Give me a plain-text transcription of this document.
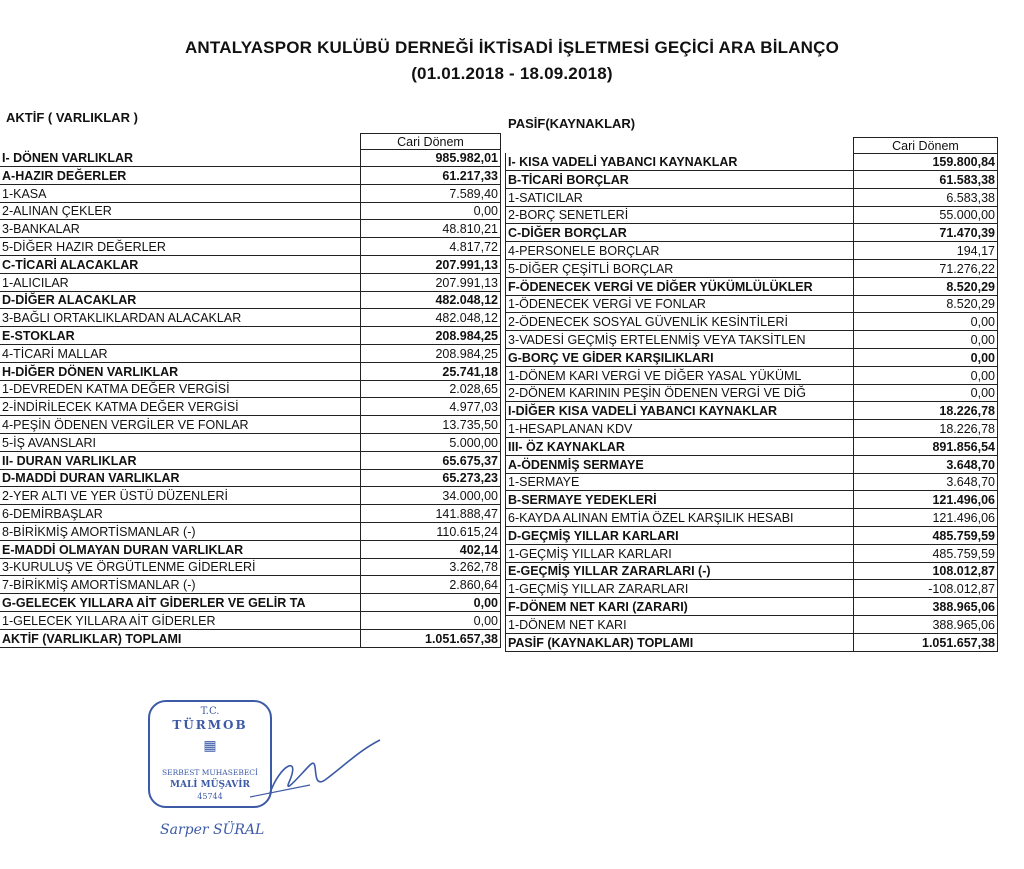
ANTALYASPOR KULÜBÜ DERNEĞİ İKTİSADİ İŞLETMESİ GEÇİCİ ARA BİLANÇO
(01.01.2018 - 18.09.2018)
AKTİF ( VARLIKLAR )	PASİF(KAYNAKLAR)
Cari Dönem	Cari Dönem
I- DÖNEN VARLIKLAR	985.982,01
A-HAZIR DEĞERLER	61.217,33
1-KASA	7.589,40
2-ALINAN ÇEKLER	0,00
3-BANKALAR	48.810,21
5-DİĞER HAZIR DEĞERLER	4.817,72
C-TİCARİ ALACAKLAR	207.991,13
1-ALICILAR	207.991,13
D-DİĞER ALACAKLAR	482.048,12
3-BAĞLI ORTAKLIKLARDAN ALACAKLAR	482.048,12
E-STOKLAR	208.984,25
4-TİCARİ MALLAR	208.984,25
H-DİĞER DÖNEN VARLIKLAR	25.741,18
1-DEVREDEN KATMA DEĞER VERGİSİ	2.028,65
2-İNDİRİLECEK KATMA DEĞER VERGİSİ	4.977,03
4-PEŞİN ÖDENEN VERGİLER VE FONLAR	13.735,50
5-İŞ AVANSLARI	5.000,00
II- DURAN VARLIKLAR	65.675,37
D-MADDİ DURAN VARLIKLAR	65.273,23
2-YER ALTI VE YER ÜSTÜ DÜZENLERİ	34.000,00
6-DEMİRBAŞLAR	141.888,47
8-BİRİKMİŞ AMORTİSMANLAR (-)	110.615,24
E-MADDİ OLMAYAN DURAN VARLIKLAR	402,14
3-KURULUŞ VE ÖRGÜTLENME GİDERLERİ	3.262,78
7-BİRİKMİŞ AMORTİSMANLAR (-)	2.860,64
G-GELECEK YILLARA AİT GİDERLER VE GELİR TA	0,00
1-GELECEK YILLARA AİT GİDERLER	0,00
AKTİF (VARLIKLAR) TOPLAMI	1.051.657,38
I- KISA VADELİ YABANCI KAYNAKLAR	159.800,84
B-TİCARİ BORÇLAR	61.583,38
1-SATICILAR	6.583,38
2-BORÇ SENETLERİ	55.000,00
C-DİĞER BORÇLAR	71.470,39
4-PERSONELE BORÇLAR	194,17
5-DİĞER ÇEŞİTLİ BORÇLAR	71.276,22
F-ÖDENECEK VERGİ VE DİĞER YÜKÜMLÜLÜKLER	8.520,29
1-ÖDENECEK VERGİ VE FONLAR	8.520,29
2-ÖDENECEK SOSYAL GÜVENLİK KESİNTİLERİ	0,00
3-VADESİ GEÇMİŞ ERTELENMİŞ VEYA TAKSİTLEN	0,00
G-BORÇ VE GİDER KARŞILIKLARI	0,00
1-DÖNEM KARI VERGİ VE DİĞER YASAL YÜKÜML	0,00
2-DÖNEM KARININ PEŞİN ÖDENEN VERGİ VE DİĞ	0,00
I-DİĞER KISA VADELİ YABANCI KAYNAKLAR	18.226,78
1-HESAPLANAN KDV	18.226,78
III- ÖZ KAYNAKLAR	891.856,54
A-ÖDENMİŞ SERMAYE	3.648,70
1-SERMAYE	3.648,70
B-SERMAYE YEDEKLERİ	121.496,06
6-KAYDA ALINAN EMTİA ÖZEL KARŞILIK HESABI	121.496,06
D-GEÇMİŞ YILLAR KARLARI	485.759,59
1-GEÇMİŞ YILLAR KARLARI	485.759,59
E-GEÇMİŞ YILLAR ZARARLARI (-)	108.012,87
1-GEÇMİŞ YILLAR ZARARLARI	-108.012,87
F-DÖNEM NET KARI (ZARARI)	388.965,06
1-DÖNEM NET KARI	388.965,06
PASİF (KAYNAKLAR) TOPLAMI	1.051.657,38
T.C.
TÜRMOB
▦
SERBEST MUHASEBECİ
MALİ MÜŞAVİR
45744
Sarper SÜRAL
